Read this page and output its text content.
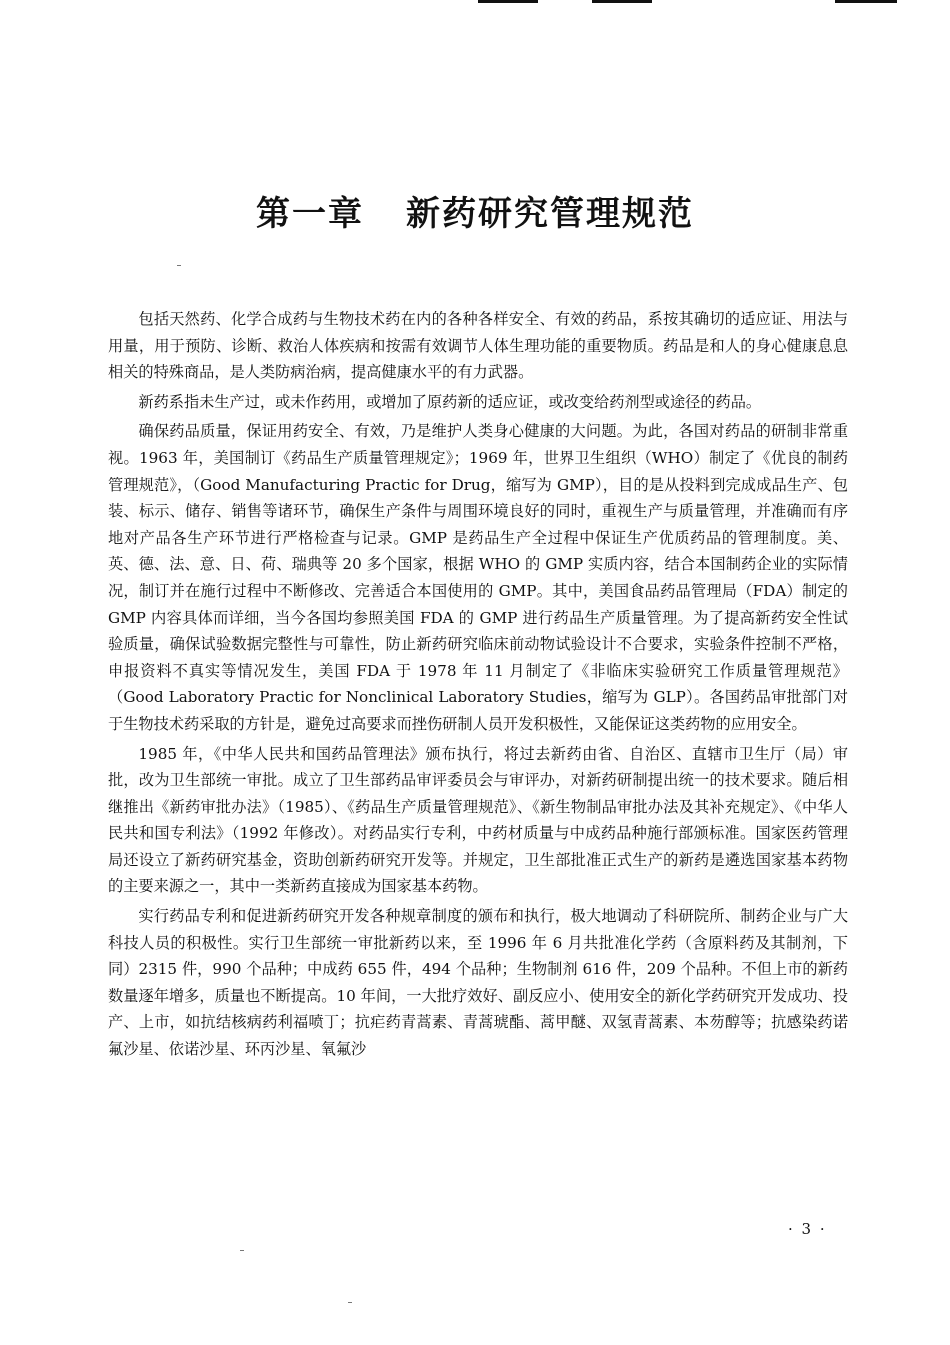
第一章 新药研究管理规范

包括天然药、化学合成药与生物技术药在内的各种各样安全、有效的药品，系按其确切的适应证、用法与用量，用于预防、诊断、救治人体疾病和按需有效调节人体生理功能的重要物质。药品是和人的身心健康息息相关的特殊商品，是人类防病治病，提高健康水平的有力武器。

新药系指未生产过，或未作药用，或增加了原药新的适应证，或改变给药剂型或途径的药品。

确保药品质量，保证用药安全、有效，乃是维护人类身心健康的大问题。为此，各国对药品的研制非常重视。1963 年，美国制订《药品生产质量管理规定》；1969 年，世界卫生组织（WHO）制定了《优良的制药管理规范》，（Good Manufacturing Practic for Drug，缩写为 GMP），目的是从投料到完成成品生产、包装、标示、储存、销售等诸环节，确保生产条件与周围环境良好的同时，重视生产与质量管理，并准确而有序地对产品各生产环节进行严格检查与记录。GMP 是药品生产全过程中保证生产优质药品的管理制度。美、英、德、法、意、日、荷、瑞典等 20 多个国家，根据 WHO 的 GMP 实质内容，结合本国制药企业的实际情况，制订并在施行过程中不断修改、完善适合本国使用的 GMP。其中，美国食品药品管理局（FDA）制定的 GMP 内容具体而详细，当今各国均参照美国 FDA 的 GMP 进行药品生产质量管理。为了提高新药安全性试验质量，确保试验数据完整性与可靠性，防止新药研究临床前动物试验设计不合要求，实验条件控制不严格，申报资料不真实等情况发生，美国 FDA 于 1978 年 11 月制定了《非临床实验研究工作质量管理规范》（Good Laboratory Practic for Nonclinical Laboratory Studies，缩写为 GLP）。各国药品审批部门对于生物技术药采取的方针是，避免过高要求而挫伤研制人员开发积极性，又能保证这类药物的应用安全。

1985 年，《中华人民共和国药品管理法》颁布执行，将过去新药由省、自治区、直辖市卫生厅（局）审批，改为卫生部统一审批。成立了卫生部药品审评委员会与审评办，对新药研制提出统一的技术要求。随后相继推出《新药审批办法》（1985）、《药品生产质量管理规范》、《新生物制品审批办法及其补充规定》、《中华人民共和国专利法》（1992 年修改）。对药品实行专利，中药材质量与中成药品种施行部颁标准。国家医药管理局还设立了新药研究基金，资助创新药研究开发等。并规定，卫生部批准正式生产的新药是遴选国家基本药物的主要来源之一，其中一类新药直接成为国家基本药物。

实行药品专利和促进新药研究开发各种规章制度的颁布和执行，极大地调动了科研院所、制药企业与广大科技人员的积极性。实行卫生部统一审批新药以来，至 1996 年 6 月共批准化学药（含原料药及其制剂，下同）2315 件，990 个品种；中成药 655 件，494 个品种；生物制剂 616 件，209 个品种。不但上市的新药数量逐年增多，质量也不断提高。10 年间，一大批疗效好、副反应小、使用安全的新化学药研究开发成功、投产、上市，如抗结核病药利福喷丁；抗疟药青蒿素、青蒿琥酯、蒿甲醚、双氢青蒿素、本芴醇等；抗感染药诺氟沙星、依诺沙星、环丙沙星、氧氟沙

· 3 ·
